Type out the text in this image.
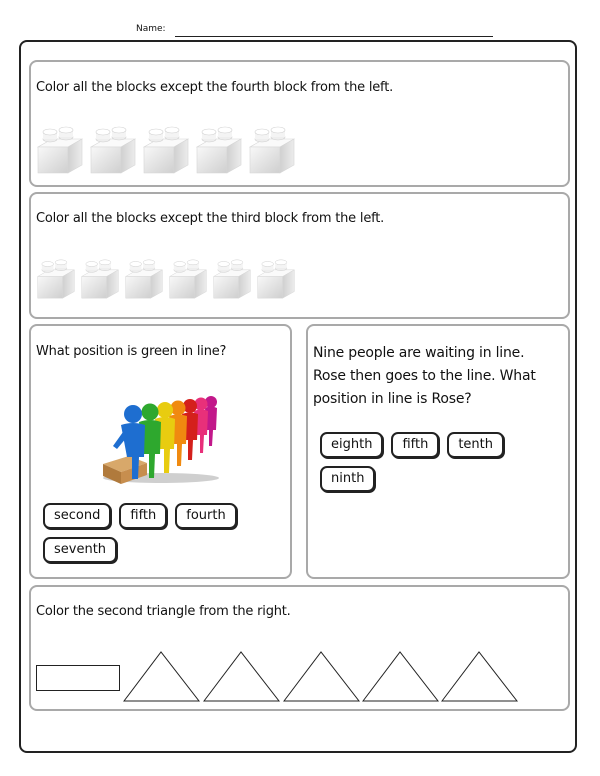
Name:
Color all the blocks except the fourth block from the left.
Color all the blocks except the third block from the left.
What position is green in line?
second	fifth	fourth
seventh
Nine people are waiting in line. Rose then goes to the line. What position in line is Rose?
eighth	fifth	tenth
ninth
Color the second triangle from the right.
